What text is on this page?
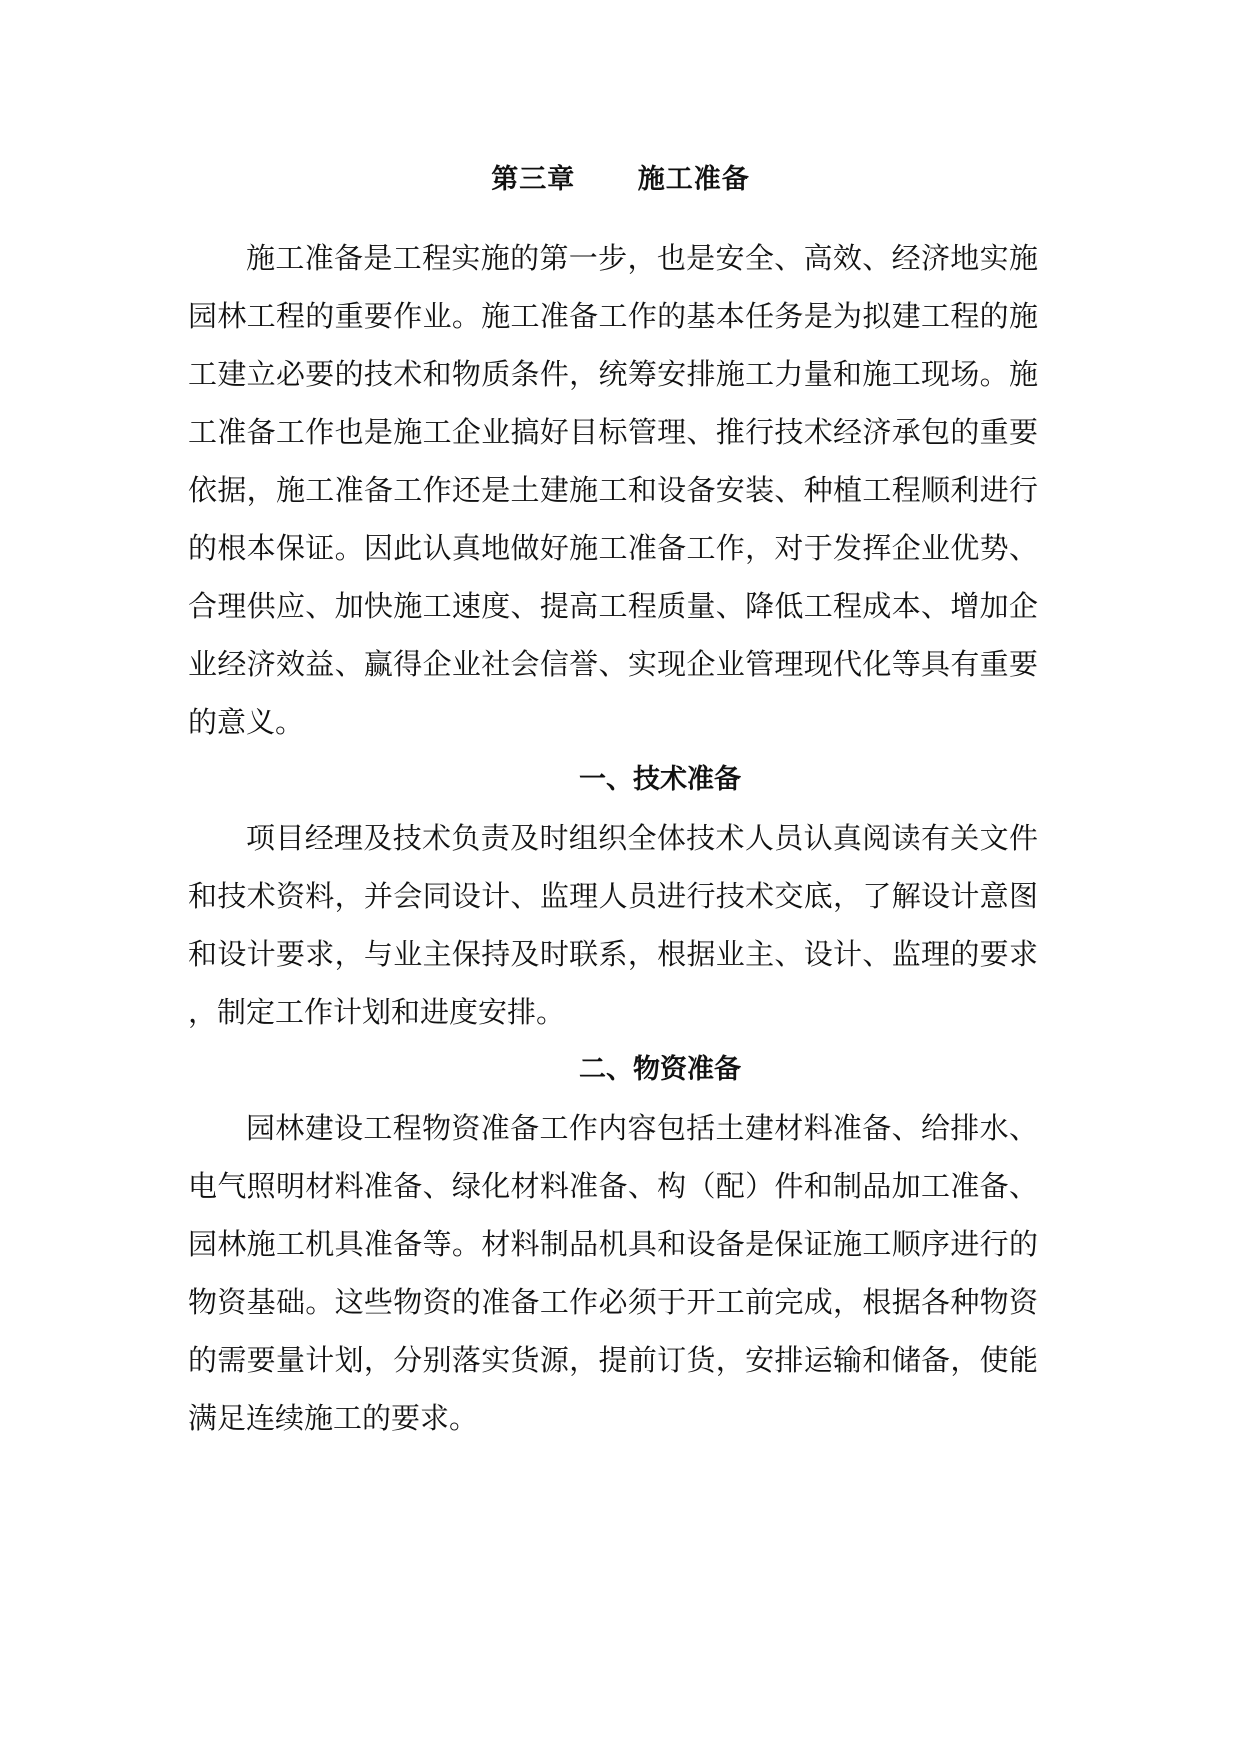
第三章      施工准备
施工准备是工程实施的第一步，也是安全、高效、经济地实施
园林工程的重要作业。施工准备工作的基本任务是为拟建工程的施
工建立必要的技术和物质条件，统筹安排施工力量和施工现场。施
工准备工作也是施工企业搞好目标管理、推行技术经济承包的重要
依据，施工准备工作还是土建施工和设备安装、种植工程顺利进行
的根本保证。因此认真地做好施工准备工作，对于发挥企业优势、
合理供应、加快施工速度、提高工程质量、降低工程成本、增加企
业经济效益、赢得企业社会信誉、实现企业管理现代化等具有重要
的意义。
一、技术准备
项目经理及技术负责及时组织全体技术人员认真阅读有关文件
和技术资料，并会同设计、监理人员进行技术交底，了解设计意图
和设计要求，与业主保持及时联系，根据业主、设计、监理的要求
，制定工作计划和进度安排。
二、物资准备
园林建设工程物资准备工作内容包括土建材料准备、给排水、
电气照明材料准备、绿化材料准备、构（配）件和制品加工准备、
园林施工机具准备等。材料制品机具和设备是保证施工顺序进行的
物资基础。这些物资的准备工作必须于开工前完成，根据各种物资
的需要量计划，分别落实货源，提前订货，安排运输和储备，使能
满足连续施工的要求。
